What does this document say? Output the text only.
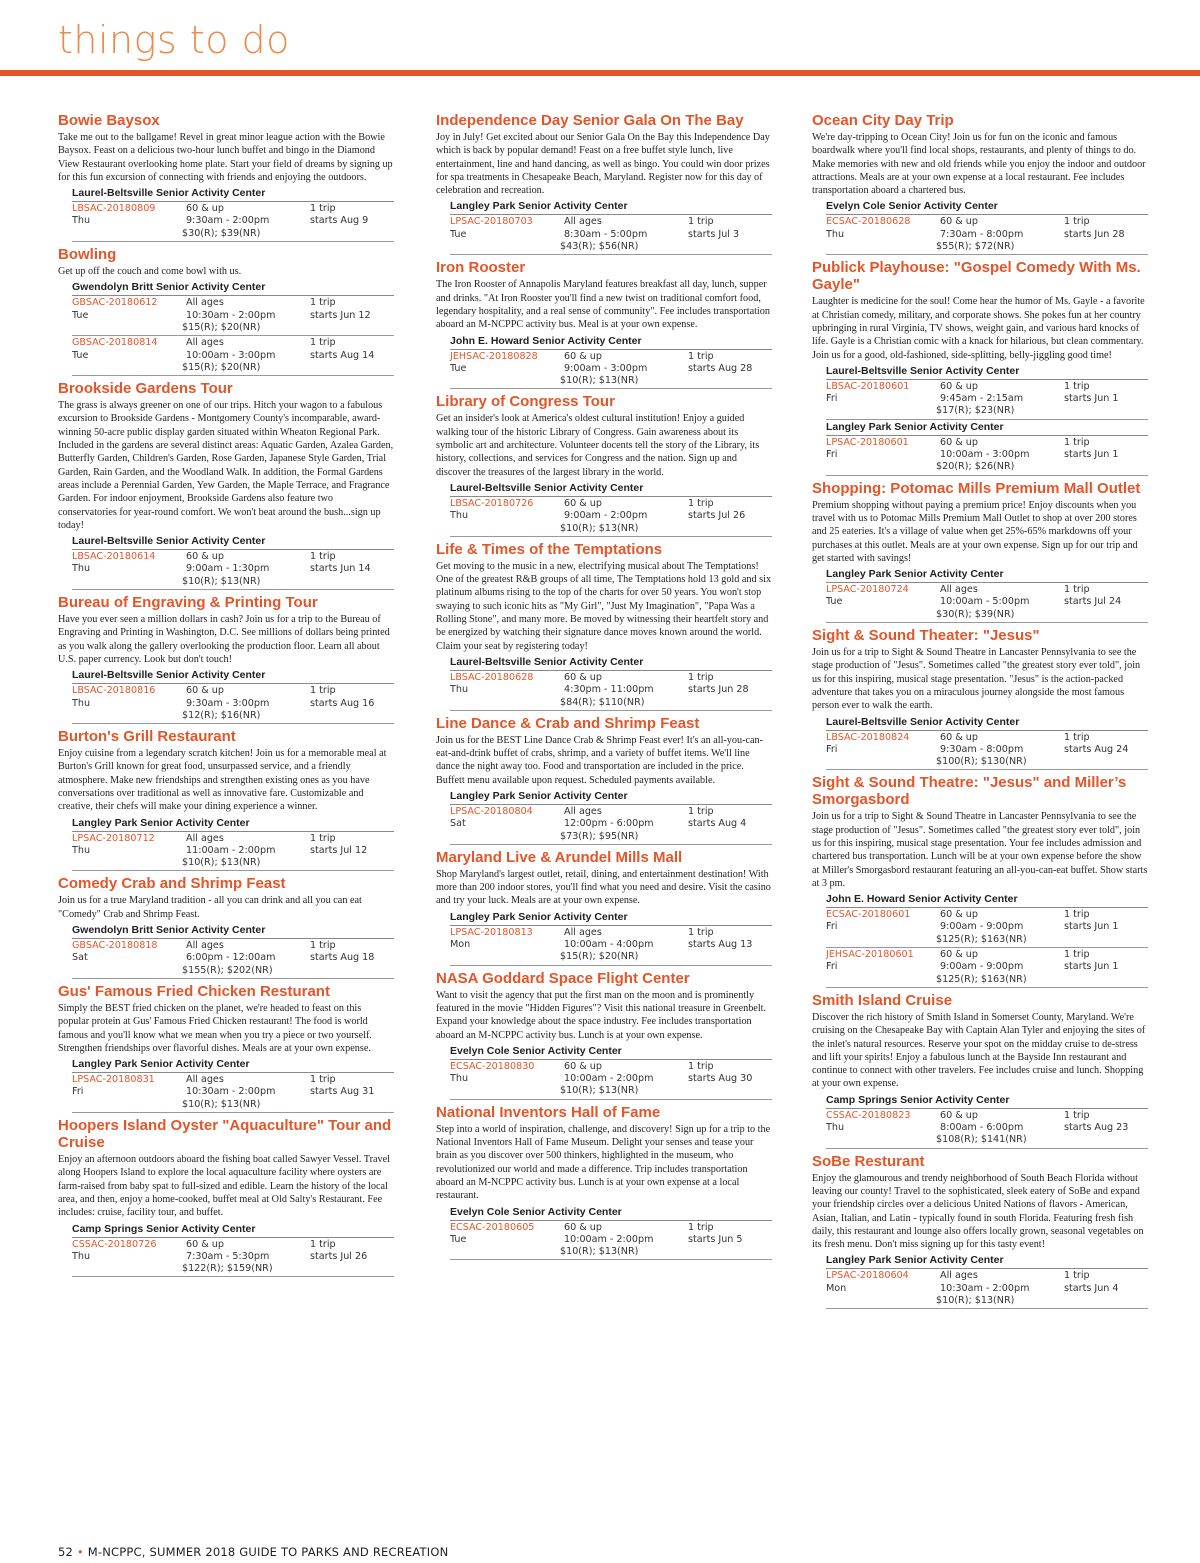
things to do
Bowie Baysox

Take me out to the ballgame! Revel in great minor league action with the Bowie Baysox. Feast on a delicious two-hour lunch buffet and bingo in the Diamond View Restaurant overlooking home plate. Start your field of dreams by signing up for this fun excursion of connecting with friends and enjoying the outdoors.

Laurel-Beltsville Senior Activity Center
LBSAC-20180809	60 & up	1 trip
Thu	9:30am - 2:00pm	starts Aug 9
$30(R); $39(NR)
Bowling

Get up off the couch and come bowl with us.

Gwendolyn Britt Senior Activity Center
GBSAC-20180612	All ages	1 trip
Tue	10:30am - 2:00pm	starts Jun 12
$15(R); $20(NR)
GBSAC-20180814	All ages	1 trip
Tue	10:00am - 3:00pm	starts Aug 14
$15(R); $20(NR)
Brookside Gardens Tour

The grass is always greener on one of our trips. Hitch your wagon to a fabulous excursion to Brookside Gardens - Montgomery County's incomparable, award-winning 50-acre public display garden situated within Wheaton Regional Park. Included in the gardens are several distinct areas: Aquatic Garden, Azalea Garden, Butterfly Garden, Children's Garden, Rose Garden, Japanese Style Garden, Trial Garden, Rain Garden, and the Woodland Walk. In addition, the Formal Gardens areas include a Perennial Garden, Yew Garden, the Maple Terrace, and Fragrance Garden. For indoor enjoyment, Brookside Gardens also feature two conservatories for year-round comfort. We won't beat around the bush...sign up today!

Laurel-Beltsville Senior Activity Center
LBSAC-20180614	60 & up	1 trip
Thu	9:00am - 1:30pm	starts Jun 14
$10(R); $13(NR)
Bureau of Engraving & Printing Tour

Have you ever seen a million dollars in cash? Join us for a trip to the Bureau of Engraving and Printing in Washington, D.C. See millions of dollars being printed as you walk along the gallery overlooking the production floor. Learn all about U.S. paper currency. Look but don't touch!

Laurel-Beltsville Senior Activity Center
LBSAC-20180816	60 & up	1 trip
Thu	9:30am - 3:00pm	starts Aug 16
$12(R); $16(NR)
Burton's Grill Restaurant

Enjoy cuisine from a legendary scratch kitchen! Join us for a memorable meal at Burton's Grill known for great food, unsurpassed service, and a friendly atmosphere. Make new friendships and strengthen existing ones as you have conversations over traditional as well as innovative fare. Customizable and creative, their chefs will make your dining experience a winner.

Langley Park Senior Activity Center
LPSAC-20180712	All ages	1 trip
Thu	11:00am - 2:00pm	starts Jul 12
$10(R); $13(NR)
Comedy Crab and Shrimp Feast

Join us for a true Maryland tradition - all you can drink and all you can eat "Comedy" Crab and Shrimp Feast.

Gwendolyn Britt Senior Activity Center
GBSAC-20180818	All ages	1 trip
Sat	6:00pm - 12:00am	starts Aug 18
$155(R); $202(NR)
Gus' Famous Fried Chicken Resturant

Simply the BEST fried chicken on the planet, we're headed to feast on this popular protein at Gus' Famous Fried Chicken restaurant! The food is world famous and you'll know what we mean when you try a piece or two yourself. Strengthen friendships over flavorful dishes. Meals are at your own expense.

Langley Park Senior Activity Center
LPSAC-20180831	All ages	1 trip
Fri	10:30am - 2:00pm	starts Aug 31
$10(R); $13(NR)
Hoopers Island Oyster "Aquaculture" Tour and Cruise

Enjoy an afternoon outdoors aboard the fishing boat called Sawyer Vessel. Travel along Hoopers Island to explore the local aquaculture facility where oysters are farm-raised from baby spat to full-sized and edible. Learn the history of the local area, and then, enjoy a home-cooked, buffet meal at Old Salty's Restaurant. Fee includes: cruise, facility tour, and buffet.

Camp Springs Senior Activity Center
CSSAC-20180726	60 & up	1 trip
Thu	7:30am - 5:30pm	starts Jul 26
$122(R); $159(NR)
Independence Day Senior Gala On The Bay

Joy in July! Get excited about our Senior Gala On the Bay this Independence Day which is back by popular demand! Feast on a free buffet style lunch, live entertainment, line and hand dancing, as well as bingo. You could win door prizes for spa treatments in Chesapeake Beach, Maryland. Register now for this day of celebration and recreation.

Langley Park Senior Activity Center
LPSAC-20180703	All ages	1 trip
Tue	8:30am - 5:00pm	starts Jul 3
$43(R); $56(NR)
Iron Rooster

The Iron Rooster of Annapolis Maryland features breakfast all day, lunch, supper and drinks. "At Iron Rooster you'll find a new twist on traditional comfort food, legendary hospitality, and a real sense of community". Fee includes transportation aboard an M-NCPPC activity bus. Meal is at your own expense.

John E. Howard Senior Activity Center
JEHSAC-20180828	60 & up	1 trip
Tue	9:00am - 3:00pm	starts Aug 28
$10(R); $13(NR)
Library of Congress Tour

Get an insider's look at America's oldest cultural institution! Enjoy a guided walking tour of the historic Library of Congress. Gain awareness about its symbolic art and architecture. Volunteer docents tell the story of the Library, its history, collections, and services for Congress and the nation. Sign up and discover the treasures of the largest library in the world.

Laurel-Beltsville Senior Activity Center
LBSAC-20180726	60 & up	1 trip
Thu	9:00am - 2:00pm	starts Jul 26
$10(R); $13(NR)
Life & Times of the Temptations

Get moving to the music in a new, electrifying musical about The Temptations! One of the greatest R&B groups of all time, The Temptations hold 13 gold and six platinum albums rising to the top of the charts for over 50 years. You won't stop swaying to such iconic hits as "My Girl", "Just My Imagination", "Papa Was a Rolling Stone", and many more. Be moved by witnessing their heartfelt story and be energized by watching their signature dance moves known around the world. Claim your seat by registering today!

Laurel-Beltsville Senior Activity Center
LBSAC-20180628	60 & up	1 trip
Thu	4:30pm - 11:00pm	starts Jun 28
$84(R); $110(NR)
Line Dance & Crab and Shrimp Feast

Join us for the BEST Line Dance Crab & Shrimp Feast ever! It's an all-you-can-eat-and-drink buffet of crabs, shrimp, and a variety of buffet items. We'll line dance the night away too. Food and transportation are included in the price. Buffett menu available upon request. Scheduled payments available.

Langley Park Senior Activity Center
LPSAC-20180804	All ages	1 trip
Sat	12:00pm - 6:00pm	starts Aug 4
$73(R); $95(NR)
Maryland Live & Arundel Mills Mall

Shop Maryland's largest outlet, retail, dining, and entertainment destination! With more than 200 indoor stores, you'll find what you need and desire. Visit the casino and try your luck. Meals are at your own expense.

Langley Park Senior Activity Center
LPSAC-20180813	All ages	1 trip
Mon	10:00am - 4:00pm	starts Aug 13
$15(R); $20(NR)
NASA Goddard Space Flight Center

Want to visit the agency that put the first man on the moon and is prominently featured in the movie "Hidden Figures"? Visit this national treasure in Greenbelt. Expand your knowledge about the space industry. Fee includes transportation aboard an M-NCPPC activity bus. Lunch is at your own expense.

Evelyn Cole Senior Activity Center
ECSAC-20180830	60 & up	1 trip
Thu	10:00am - 2:00pm	starts Aug 30
$10(R); $13(NR)
National Inventors Hall of Fame

Step into a world of inspiration, challenge, and discovery! Sign up for a trip to the National Inventors Hall of Fame Museum. Delight your senses and tease your brain as you discover over 500 thinkers, highlighted in the museum, who revolutionized our world and made a difference. Trip includes transportation aboard an M-NCPPC activity bus. Lunch is at your own expense at a local restaurant.

Evelyn Cole Senior Activity Center
ECSAC-20180605	60 & up	1 trip
Tue	10:00am - 2:00pm	starts Jun 5
$10(R); $13(NR)
Ocean City Day Trip

We're day-tripping to Ocean City! Join us for fun on the iconic and famous boardwalk where you'll find local shops, restaurants, and plenty of things to do. Make memories with new and old friends while you enjoy the indoor and outdoor attractions. Meals are at your own expense at a local restaurant. Fee includes transportation aboard a chartered bus.

Evelyn Cole Senior Activity Center
ECSAC-20180628	60 & up	1 trip
Thu	7:30am - 8:00pm	starts Jun 28
$55(R); $72(NR)
Publick Playhouse: "Gospel Comedy With Ms. Gayle"

Laughter is medicine for the soul! Come hear the humor of Ms. Gayle - a favorite at Christian comedy, military, and corporate shows. She pokes fun at her country upbringing in rural Virginia, TV shows, weight gain, and various hard knocks of life. Gayle is a Christian comic with a knack for hilarious, but clean commentary. Join us for a good, old-fashioned, side-splitting, belly-jiggling good time!

Laurel-Beltsville Senior Activity Center
LBSAC-20180601	60 & up	1 trip
Fri	9:45am - 2:15am	starts Jun 1
$17(R); $23(NR)
Langley Park Senior Activity Center
LPSAC-20180601	60 & up	1 trip
Fri	10:00am - 3:00pm	starts Jun 1
$20(R); $26(NR)
Shopping: Potomac Mills Premium Mall Outlet

Premium shopping without paying a premium price! Enjoy discounts when you travel with us to Potomac Mills Premium Mall Outlet to shop at over 200 stores and 25 eateries. It's a village of value when get 25%-65% markdowns off your purchases at this outlet. Meals are at your own expense. Sign up for our trip and get started with savings!

Langley Park Senior Activity Center
LPSAC-20180724	All ages	1 trip
Tue	10:00am - 5:00pm	starts Jul 24
$30(R); $39(NR)
Sight & Sound Theater: "Jesus"

Join us for a trip to Sight & Sound Theatre in Lancaster Pennsylvania to see the stage production of "Jesus". Sometimes called "the greatest story ever told", join us for this inspiring, musical stage presentation. "Jesus" is the action-packed adventure that takes you on a miraculous journey alongside the most famous person ever to walk the earth.

Laurel-Beltsville Senior Activity Center
LBSAC-20180824	60 & up	1 trip
Fri	9:30am - 8:00pm	starts Aug 24
$100(R); $130(NR)
Sight & Sound Theatre: "Jesus" and Miller’s Smorgasbord

Join us for a trip to Sight & Sound Theatre in Lancaster Pennsylvania to see the stage production of "Jesus". Sometimes called "the greatest story ever told", join us for this inspiring, musical stage presentation. Your fee includes admission and chartered bus transportation. Lunch will be at your own expense before the show at Miller's Smorgasbord restaurant featuring an all-you-can-eat buffet. Show starts at 3 pm.

John E. Howard Senior Activity Center
ECSAC-20180601	60 & up	1 trip
Fri	9:00am - 9:00pm	starts Jun 1
$125(R); $163(NR)
JEHSAC-20180601	60 & up	1 trip
Fri	9:00am - 9:00pm	starts Jun 1
$125(R); $163(NR)
Smith Island Cruise

Discover the rich history of Smith Island in Somerset County, Maryland. We're cruising on the Chesapeake Bay with Captain Alan Tyler and enjoying the sites of the inlet's natural resources. Reserve your spot on the midday cruise to de-stress and lift your spirits! Enjoy a fabulous lunch at the Bayside Inn restaurant and continue to connect with other travelers. Fee includes cruise and lunch. Shopping at your own expense.

Camp Springs Senior Activity Center
CSSAC-20180823	60 & up	1 trip
Thu	8:00am - 6:00pm	starts Aug 23
$108(R); $141(NR)
SoBe Resturant

Enjoy the glamourous and trendy neighborhood of South Beach Florida without leaving our county! Travel to the sophisticated, sleek eatery of SoBe and expand your friendship circles over a delicious United Nations of flavors - American, Asian, Italian, and Latin - typically found in south Florida. Featuring fresh fish daily, this restaurant and lounge also offers locally grown, seasonal vegetables on its fresh menu. Don't miss signing up for this tasty event!

Langley Park Senior Activity Center
LPSAC-20180604	All ages	1 trip
Mon	10:30am - 2:00pm	starts Jun 4
$10(R); $13(NR)
52 • M-NCPPC, SUMMER 2018 GUIDE TO PARKS AND RECREATION
